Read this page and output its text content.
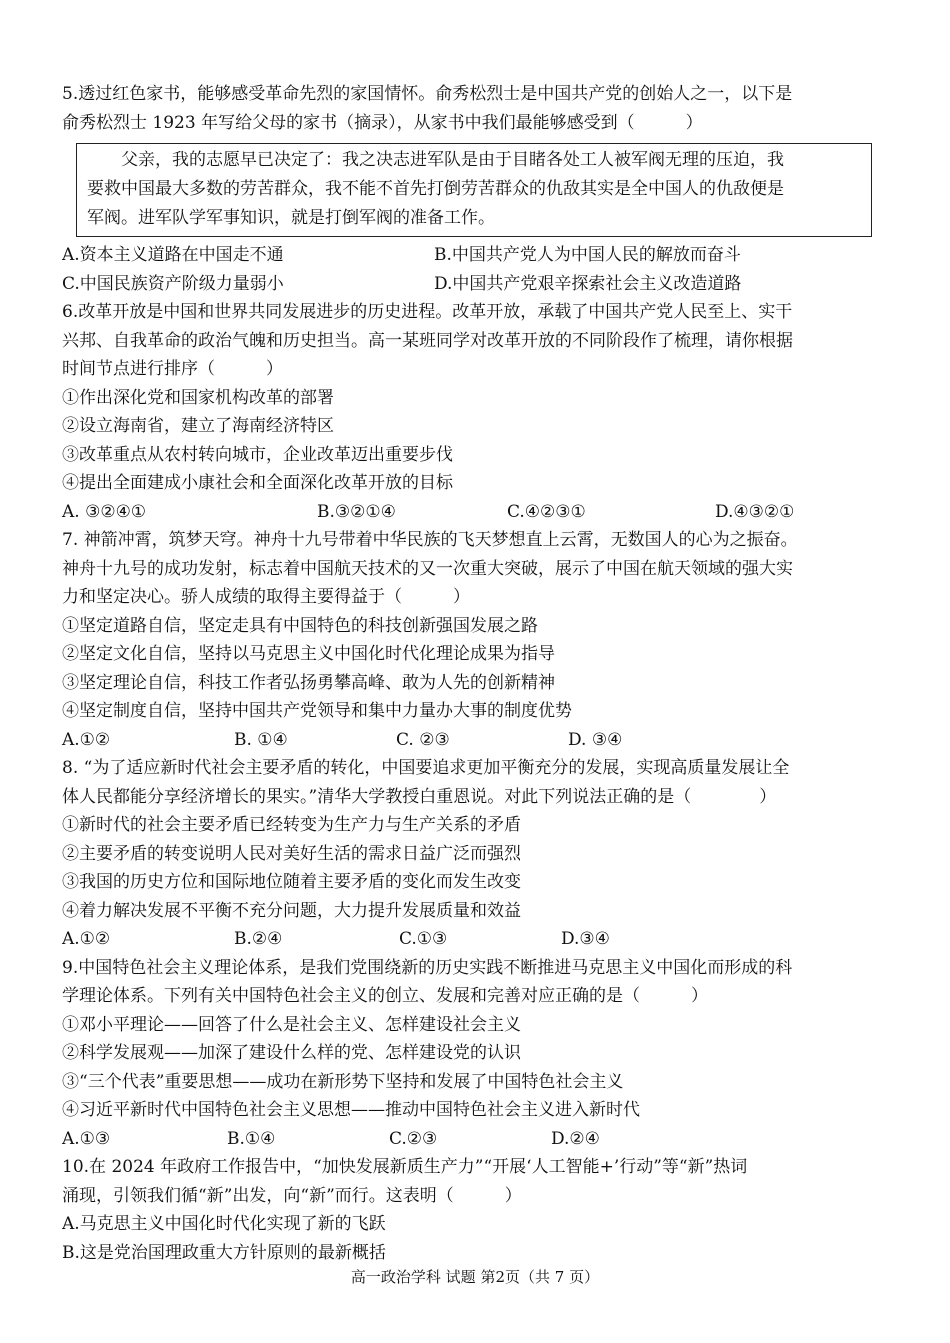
5.透过红色家书，能够感受革命先烈的家国情怀。俞秀松烈士是中国共产党的创始人之一，以下是
俞秀松烈士 1923 年写给父母的家书（摘录），从家书中我们最能够感受到（　　　）
　　父亲，我的志愿早已决定了：我之决志进军队是由于目睹各处工人被军阀无理的压迫，我
要救中国最大多数的劳苦群众，我不能不首先打倒劳苦群众的仇敌其实是全中国人的仇敌便是
军阀。进军队学军事知识，就是打倒军阀的准备工作。
A.资本主义道路在中国走不通	B.中国共产党人为中国人民的解放而奋斗
C.中国民族资产阶级力量弱小	D.中国共产党艰辛探索社会主义改造道路
6.改革开放是中国和世界共同发展进步的历史进程。改革开放，承载了中国共产党人民至上、实干
兴邦、自我革命的政治气魄和历史担当。高一某班同学对改革开放的不同阶段作了梳理，请你根据
时间节点进行排序（　　　）
①作出深化党和国家机构改革的部署
②设立海南省，建立了海南经济特区
③改革重点从农村转向城市，企业改革迈出重要步伐
④提出全面建成小康社会和全面深化改革开放的目标
A. ③②④①	B.③②①④	C.④②③①	D.④③②①
7. 神箭冲霄，筑梦天穹。神舟十九号带着中华民族的飞天梦想直上云霄，无数国人的心为之振奋。
神舟十九号的成功发射，标志着中国航天技术的又一次重大突破，展示了中国在航天领域的强大实
力和坚定决心。骄人成绩的取得主要得益于（　　　）
①坚定道路自信，坚定走具有中国特色的科技创新强国发展之路
②坚定文化自信，坚持以马克思主义中国化时代化理论成果为指导
③坚定理论自信，科技工作者弘扬勇攀高峰、敢为人先的创新精神
④坚定制度自信，坚持中国共产党领导和集中力量办大事的制度优势
A.①②	B. ①④	C. ②③	D. ③④
8. “为了适应新时代社会主要矛盾的转化，中国要追求更加平衡充分的发展，实现高质量发展让全
体人民都能分享经济增长的果实。”清华大学教授白重恩说。对此下列说法正确的是（　　　　）
①新时代的社会主要矛盾已经转变为生产力与生产关系的矛盾
②主要矛盾的转变说明人民对美好生活的需求日益广泛而强烈
③我国的历史方位和国际地位随着主要矛盾的变化而发生改变
④着力解决发展不平衡不充分问题，大力提升发展质量和效益
A.①②	B.②④	C.①③	D.③④
9.中国特色社会主义理论体系，是我们党围绕新的历史实践不断推进马克思主义中国化而形成的科
学理论体系。下列有关中国特色社会主义的创立、发展和完善对应正确的是（　　　）
①邓小平理论——回答了什么是社会主义、怎样建设社会主义
②科学发展观——加深了建设什么样的党、怎样建设党的认识
③“三个代表”重要思想——成功在新形势下坚持和发展了中国特色社会主义
④习近平新时代中国特色社会主义思想——推动中国特色社会主义进入新时代
A.①③	B.①④	C.②③	D.②④
10.在 2024 年政府工作报告中，“加快发展新质生产力”“开展‘人工智能+’行动”等“新”热词
涌现，引领我们循“新”出发，向“新”而行。这表明（　　　）
A.马克思主义中国化时代化实现了新的飞跃
B.这是党治国理政重大方针原则的最新概括
高一政治学科 试题 第2页（共 7 页）
